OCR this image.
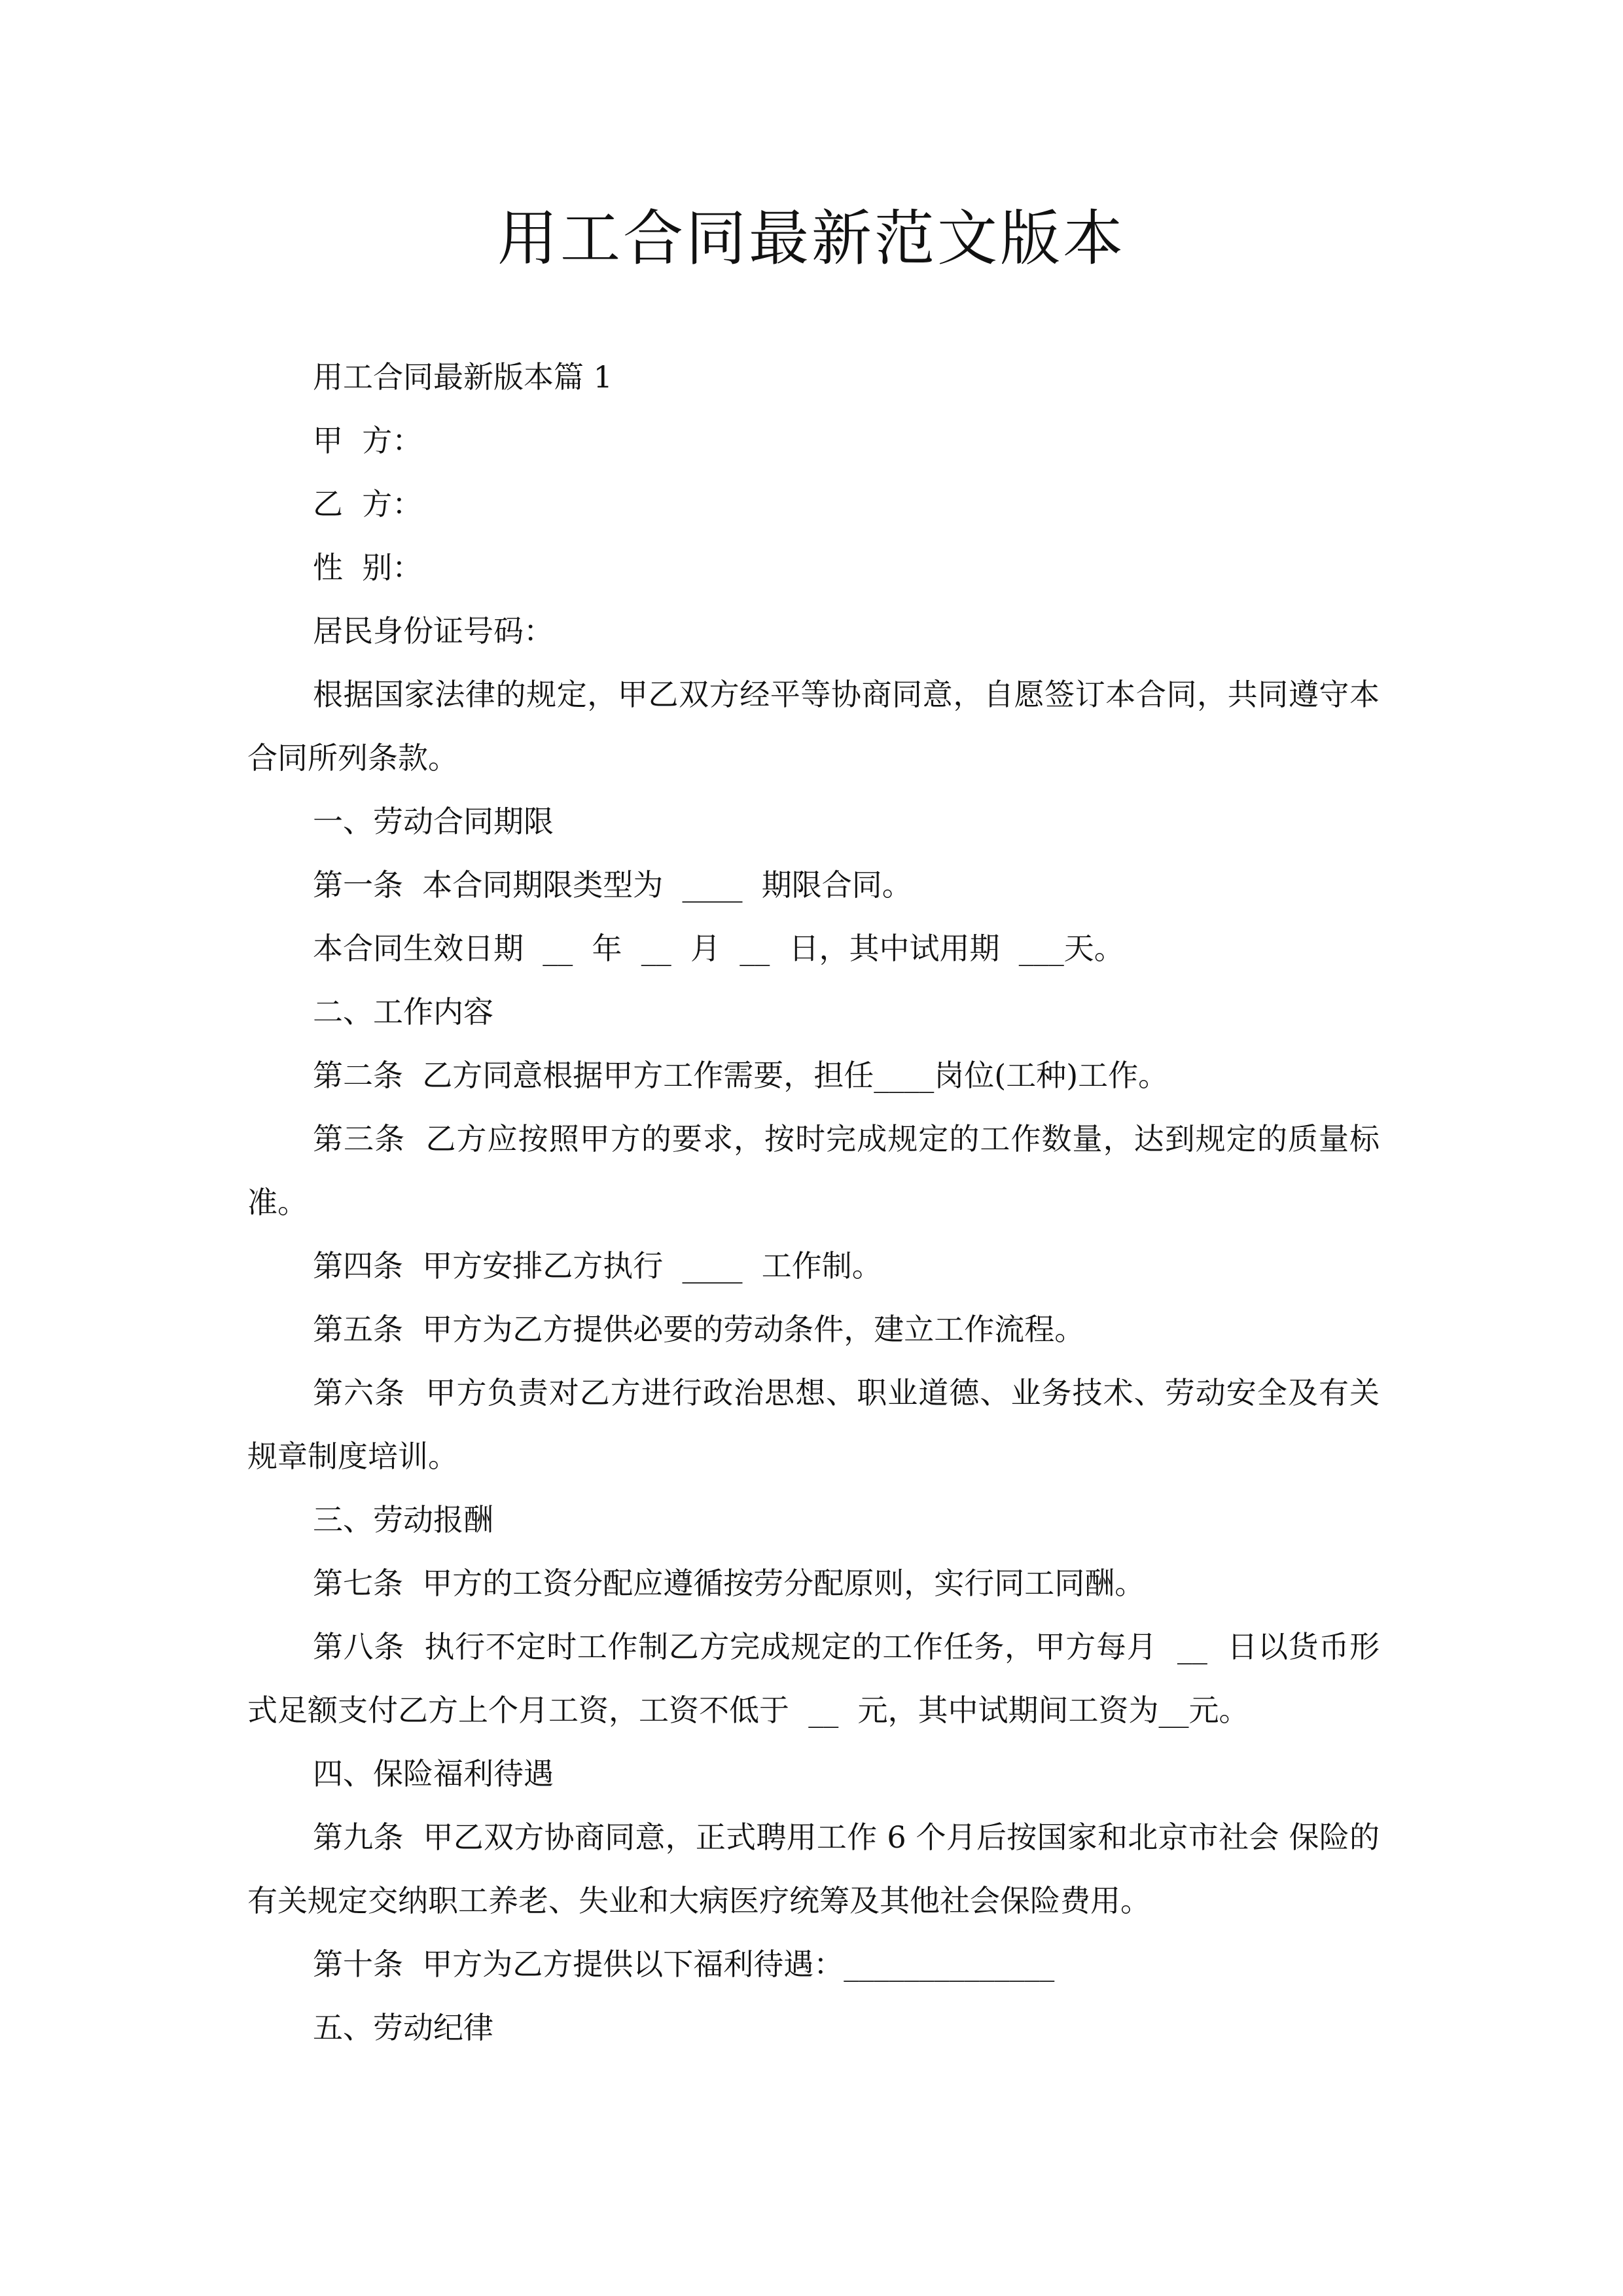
用工合同最新范文版本

用工合同最新版本篇 1

甲  方：

乙  方：

性  别：

居民身份证号码：

根据国家法律的规定，甲乙双方经平等协商同意，自愿签订本合同，共同遵守本合同所列条款。

一、劳动合同期限

第一条  本合同期限类型为  ____  期限合同。

本合同生效日期  __  年  __  月  __  日，其中试用期  ___天。

二、工作内容

第二条  乙方同意根据甲方工作需要，担任____岗位(工种)工作。

第三条  乙方应按照甲方的要求，按时完成规定的工作数量，达到规定的质量标准。

第四条  甲方安排乙方执行  ____  工作制。

第五条  甲方为乙方提供必要的劳动条件，建立工作流程。

第六条  甲方负责对乙方进行政治思想、职业道德、业务技术、劳动安全及有关规章制度培训。

三、劳动报酬

第七条  甲方的工资分配应遵循按劳分配原则，实行同工同酬。

第八条  执行不定时工作制乙方完成规定的工作任务，甲方每月  __  日以货币形式足额支付乙方上个月工资，工资不低于  __  元，其中试期间工资为__元。

四、保险福利待遇

第九条  甲乙双方协商同意，正式聘用工作 6 个月后按国家和北京市社会 保险的有关规定交纳职工养老、失业和大病医疗统筹及其他社会保险费用。

第十条  甲方为乙方提供以下福利待遇：______________

五、劳动纪律
